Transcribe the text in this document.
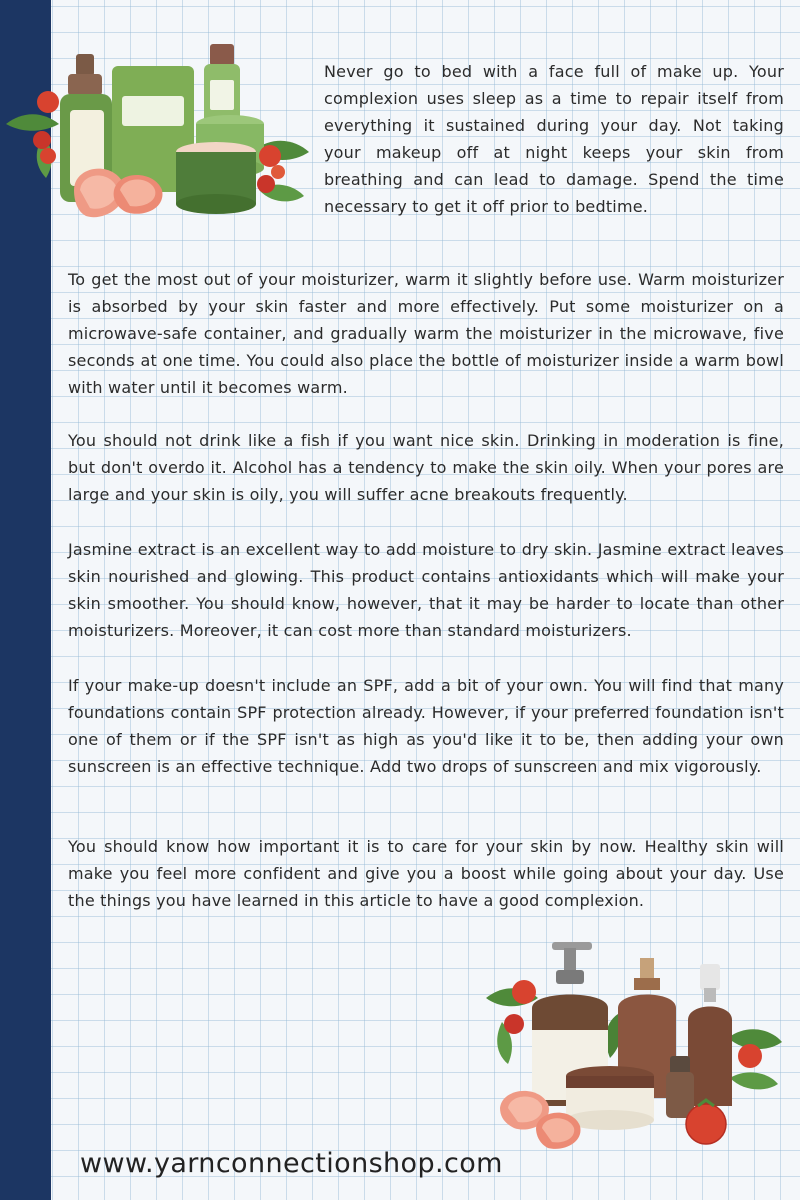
Never go to bed with a face full of make up. Your complexion uses sleep as a time to repair itself from everything it sustained during your day. Not taking your makeup off at night keeps your skin from breathing and can lead to damage. Spend the time necessary to get it off prior to bedtime.

To get the most out of your moisturizer, warm it slightly before use. Warm moisturizer is absorbed by your skin faster and more effectively. Put some moisturizer on a microwave-safe container, and gradually warm the moisturizer in the microwave, five seconds at one time. You could also place the bottle of moisturizer inside a warm bowl with water until it becomes warm.

You should not drink like a fish if you want nice skin. Drinking in moderation is fine, but don't overdo it. Alcohol has a tendency to make the skin oily. When your pores are large and your skin is oily, you will suffer acne breakouts frequently.

Jasmine extract is an excellent way to add moisture to dry skin. Jasmine extract leaves skin nourished and glowing. This product contains antioxidants which will make your skin smoother. You should know, however, that it may be harder to locate than other moisturizers. Moreover, it can cost more than standard moisturizers.

If your make-up doesn't include an SPF, add a bit of your own. You will find that many foundations contain SPF protection already. However, if your preferred foundation isn't one of them or if the SPF isn't as high as you'd like it to be, then adding your own sunscreen is an effective technique. Add two drops of sunscreen and mix vigorously.

You should know how important it is to care for your skin by now. Healthy skin will make you feel more confident and give you a boost while going about your day. Use the things you have learned in this article to have a good complexion.

www.yarnconnectionshop.com
